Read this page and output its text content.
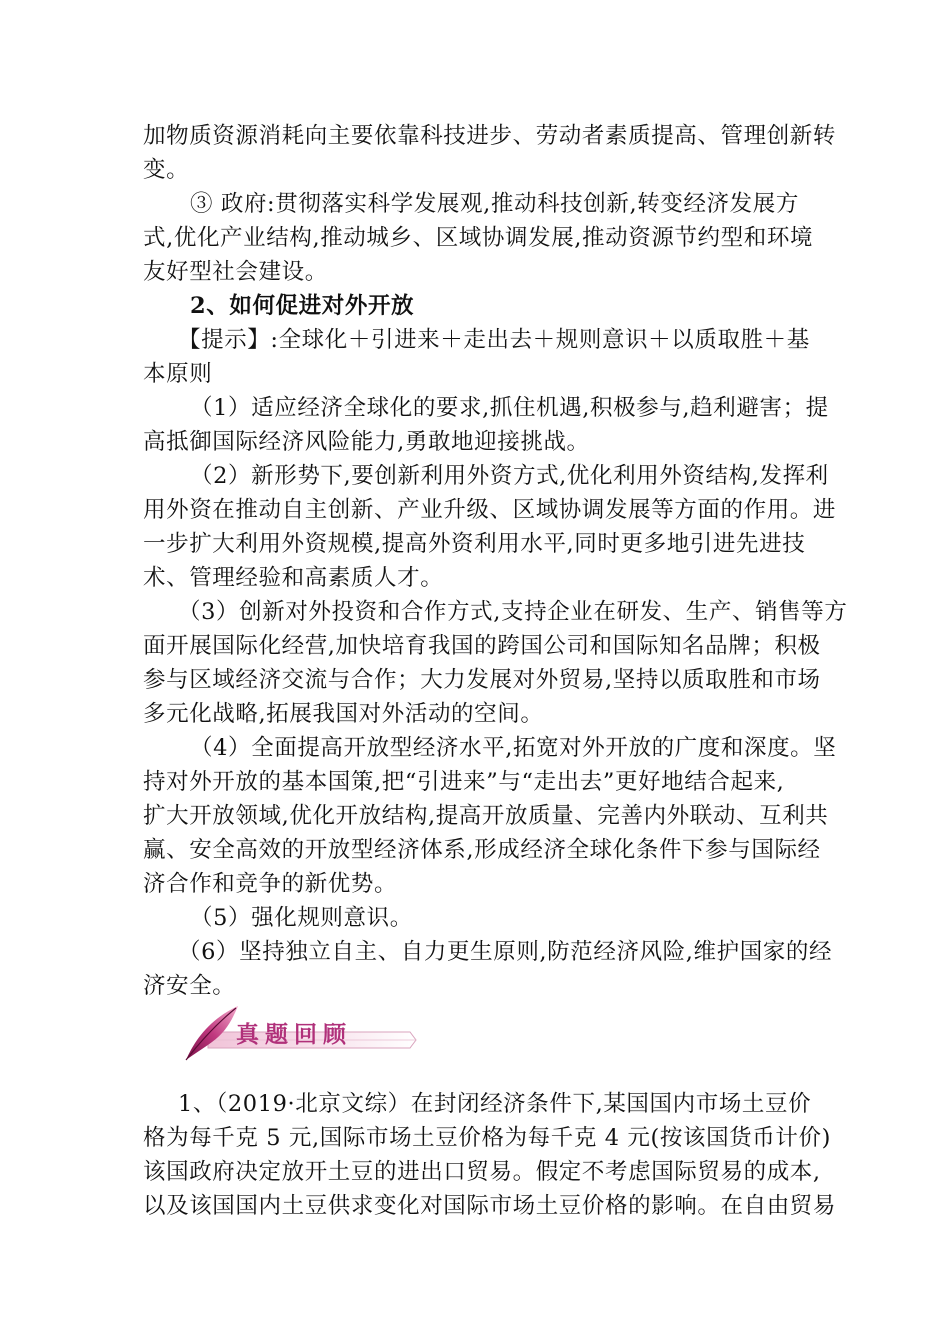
加物质资源消耗向主要依靠科技进步、劳动者素质提高、管理创新转
变。
③ 政府:贯彻落实科学发展观,推动科技创新,转变经济发展方
式,优化产业结构,推动城乡、区域协调发展,推动资源节约型和环境
友好型社会建设。
2、如何促进对外开放
【提示】:全球化＋引进来＋走出去＋规则意识＋以质取胜＋基
本原则
（1）适应经济全球化的要求,抓住机遇,积极参与,趋利避害；提
高抵御国际经济风险能力,勇敢地迎接挑战。
（2）新形势下,要创新利用外资方式,优化利用外资结构,发挥利
用外资在推动自主创新、产业升级、区域协调发展等方面的作用。进
一步扩大利用外资规模,提高外资利用水平,同时更多地引进先进技
术、管理经验和高素质人才。
（3）创新对外投资和合作方式,支持企业在研发、生产、销售等方
面开展国际化经营,加快培育我国的跨国公司和国际知名品牌；积极
参与区域经济交流与合作；大力发展对外贸易,坚持以质取胜和市场
多元化战略,拓展我国对外活动的空间。
（4）全面提高开放型经济水平,拓宽对外开放的广度和深度。坚
持对外开放的基本国策,把“引进来”与“走出去”更好地结合起来,
扩大开放领域,优化开放结构,提高开放质量、完善内外联动、互利共
赢、安全高效的开放型经济体系,形成经济全球化条件下参与国际经
济合作和竞争的新优势。
（5）强化规则意识。
（6）坚持独立自主、自力更生原则,防范经济风险,维护国家的经
济安全。
真题回顾
1、（2019·北京文综）在封闭经济条件下,某国国内市场土豆价
格为每千克 5 元,国际市场土豆价格为每千克 4 元(按该国货币计价)
该国政府决定放开土豆的进出口贸易。假定不考虑国际贸易的成本,
以及该国国内土豆供求变化对国际市场土豆价格的影响。在自由贸易
